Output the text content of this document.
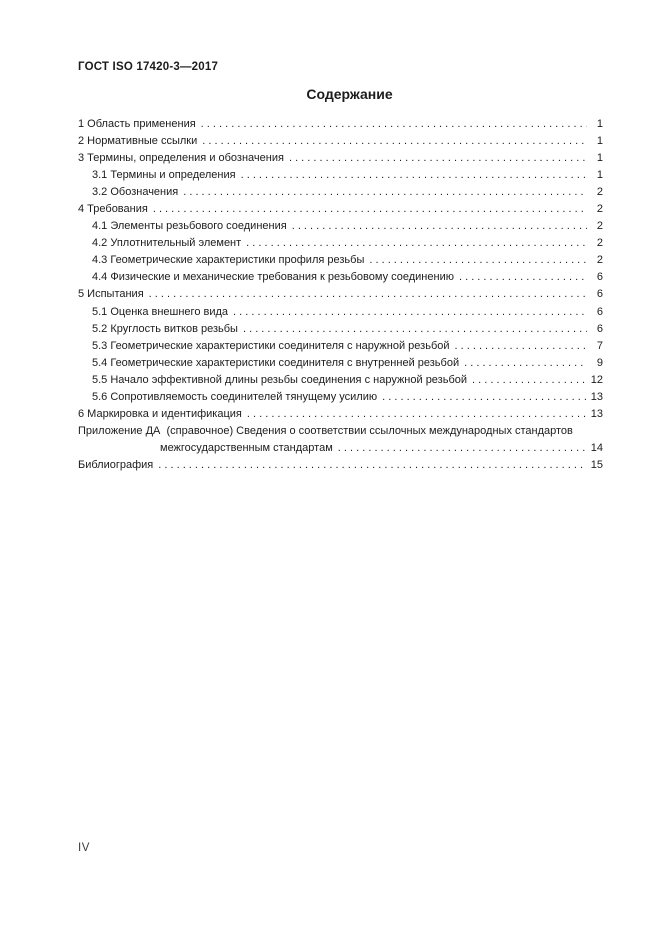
ГОСТ ISO 17420-3—2017
Содержание
1 Область применения . . .	1
2 Нормативные ссылки . . .	1
3 Термины, определения и обозначения . . .	1
3.1 Термины и определения . . .	1
3.2 Обозначения . . .	2
4 Требования . . .	2
4.1 Элементы резьбового соединения . . .	2
4.2 Уплотнительный элемент . . .	2
4.3 Геометрические характеристики профиля резьбы . . .	2
4.4 Физические и механические требования к резьбовому соединению . . .	6
5 Испытания . . .	6
5.1 Оценка внешнего вида . . .	6
5.2 Круглость витков резьбы . . .	6
5.3 Геометрические характеристики соединителя с наружной резьбой . . .	7
5.4 Геометрические характеристики соединителя с внутренней резьбой . . .	9
5.5 Начало эффективной длины резьбы соединения с наружной резьбой . . .	12
5.6 Сопротивляемость соединителей тянущему усилию . . .	13
6 Маркировка и идентификация . . .	13
Приложение ДА  (справочное) Сведения о соответствии ссылочных международных стандартов
межгосударственным стандартам . . .	14
Библиография . . .	15
IV
